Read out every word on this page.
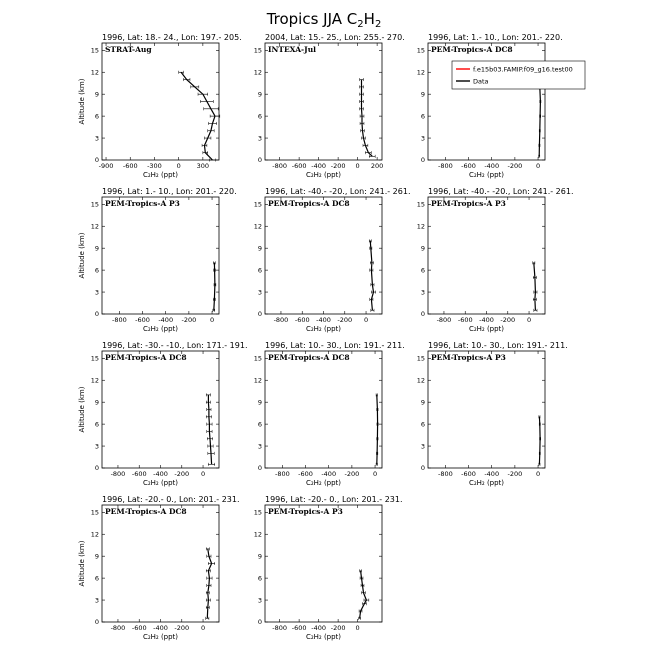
Tropics JJA $C_2H_2$
1996, Lat: 18.- 24., Lon: 197.- 205.
STRAT-Aug
0
3
6
9
12
15
-900 -600 -300 0 300
C₂H₂ (ppt)
Altitude (km)
2004, Lat: 15.- 25., Lon: 255.- 270.
INTEXA-Jul
0
3
6
9
12
15
-800 -600 -400 -200 0 200
C₂H₂ (ppt)
1996, Lat: 1.- 10., Lon: 201.- 220.
PEM-Tropics-A DC8
0
3
6
9
12
15
-800 -600 -400 -200 0
C₂H₂ (ppt)
f.e15b03.FAMIP.f09_g16.test00
Data
1996, Lat: 1.- 10., Lon: 201.- 220.
PEM-Tropics-A P3
0
3
6
9
12
15
-800 -600 -400 -200 0
C₂H₂ (ppt)
Altitude (km)
1996, Lat: -40.- -20., Lon: 241.- 261.
PEM-Tropics-A DC8
0
3
6
9
12
15
-800 -600 -400 -200 0
C₂H₂ (ppt)
1996, Lat: -40.- -20., Lon: 241.- 261.
PEM-Tropics-A P3
0
3
6
9
12
15
-800 -600 -400 -200 0
C₂H₂ (ppt)
1996, Lat: -30.- -10., Lon: 171.- 191.
PEM-Tropics-A DC8
0
3
6
9
12
15
-800 -600 -400 -200 0
C₂H₂ (ppt)
Altitude (km)
1996, Lat: 10.- 30., Lon: 191.- 211.
PEM-Tropics-A DC8
0
3
6
9
12
15
-800 -600 -400 -200 0
C₂H₂ (ppt)
1996, Lat: 10.- 30., Lon: 191.- 211.
PEM-Tropics-A P3
0
3
6
9
12
15
-800 -600 -400 -200 0
C₂H₂ (ppt)
1996, Lat: -20.- 0., Lon: 201.- 231.
PEM-Tropics-A DC8
0
3
6
9
12
15
-800 -600 -400 -200 0
C₂H₂ (ppt)
Altitude (km)
1996, Lat: -20.- 0., Lon: 201.- 231.
PEM-Tropics-A P3
0
3
6
9
12
15
-800 -600 -400 -200 0
C₂H₂ (ppt)
